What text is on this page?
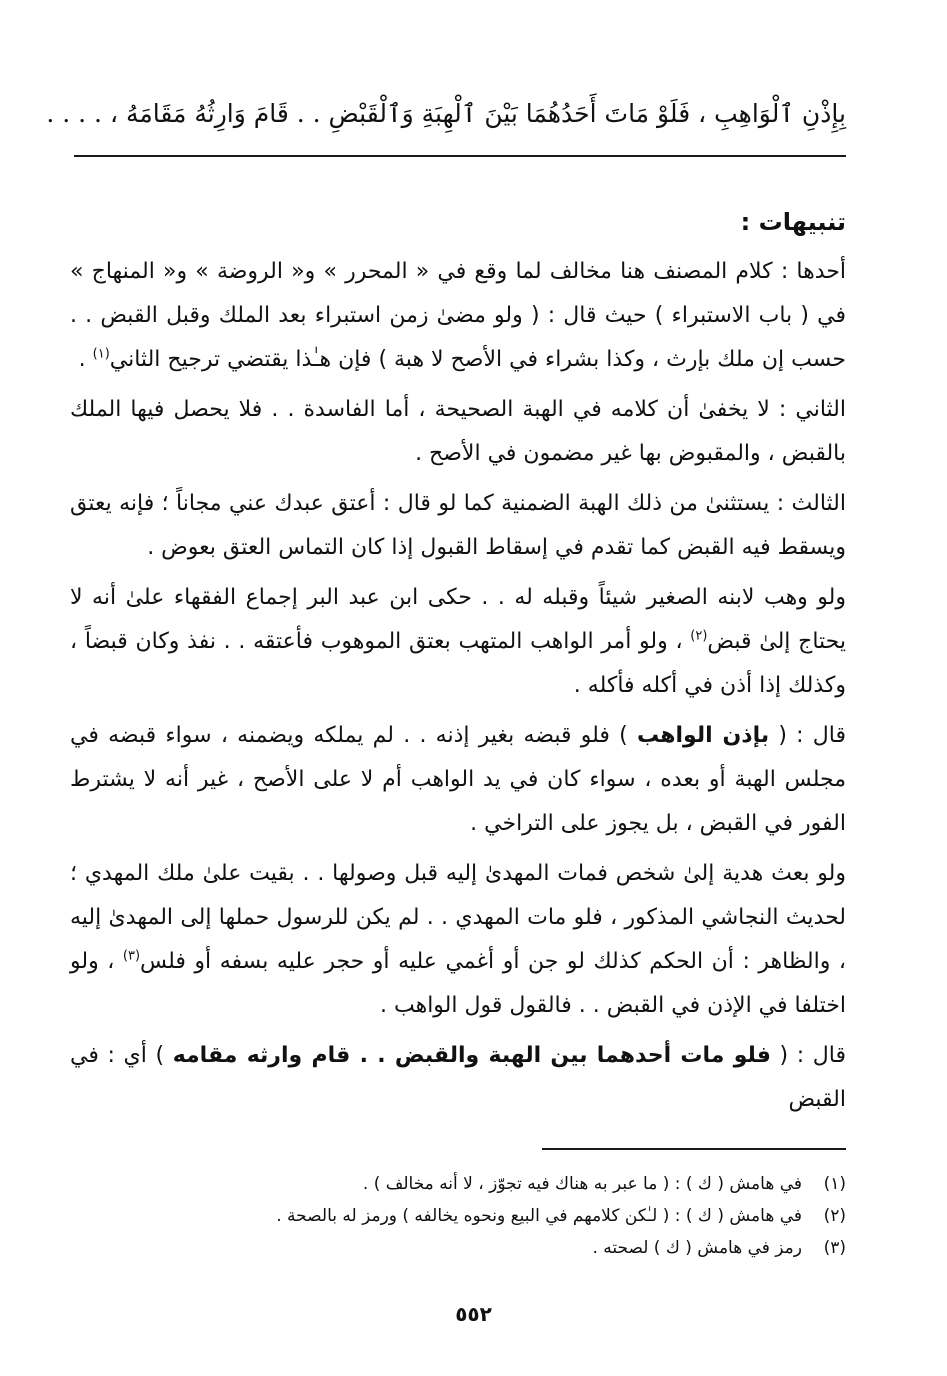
بِإِذْنِ ٱلْوَاهِبِ ، فَلَوْ مَاتَ أَحَدُهُمَا بَيْنَ ٱلْهِبَةِ وَٱلْقَبْضِ . . قَامَ وَارِثُهُ مَقَامَهُ ، . . . .
تنبيهات :

أحدها : كلام المصنف هنا مخالف لما وقع في « المحرر » و« الروضة » و« المنهاج » في ( باب الاستبراء ) حيث قال : ( ولو مضىٰ زمن استبراء بعد الملك وقبل القبض . . حسب إن ملك بإرث ، وكذا بشراء في الأصح لا هبة ) فإن هـٰذا يقتضي ترجيح الثاني$^{(١)}$ .

الثاني : لا يخفىٰ أن كلامه في الهبة الصحيحة ، أما الفاسدة . . فلا يحصل فيها الملك بالقبض ، والمقبوض بها غير مضمون في الأصح .

الثالث : يستثنىٰ من ذلك الهبة الضمنية كما لو قال : أعتق عبدك عني مجاناً ؛ فإنه يعتق ويسقط فيه القبض كما تقدم في إسقاط القبول إذا كان التماس العتق بعوض .

ولو وهب لابنه الصغير شيئاً وقبله له . . حكى ابن عبد البر إجماع الفقهاء علىٰ أنه لا يحتاج إلىٰ قبض$^{(٢)}$ ، ولو أمر الواهب المتهب بعتق الموهوب فأعتقه . . نفذ وكان قبضاً ، وكذلك إذا أذن في أكله فأكله .

قال : ( بإذن الواهب ) فلو قبضه بغير إذنه . . لم يملكه ويضمنه ، سواء قبضه في مجلس الهبة أو بعده ، سواء كان في يد الواهب أم لا على الأصح ، غير أنه لا يشترط الفور في القبض ، بل يجوز على التراخي .

ولو بعث هدية إلىٰ شخص فمات المهدىٰ إليه قبل وصولها . . بقيت علىٰ ملك المهدي ؛ لحديث النجاشي المذكور ، فلو مات المهدي . . لم يكن للرسول حملها إلى المهدىٰ إليه ، والظاهر : أن الحكم كذلك لو جن أو أغمي عليه أو حجر عليه بسفه أو فلس$^{(٣)}$ ، ولو اختلفا في الإذن في القبض . . فالقول قول الواهب .

قال : ( فلو مات أحدهما بين الهبة والقبض . . قام وارثه مقامه ) أي : في القبض

(١)في هامش ( ك ) : ( ما عبر به هناك فيه تجوّز ، لا أنه مخالف ) .
(٢)في هامش ( ك ) : ( لـٰكن كلامهم في البيع ونحوه يخالفه ) ورمز له بالصحة .
(٣)رمز في هامش ( ك ) لصحته .
٥٥٢
